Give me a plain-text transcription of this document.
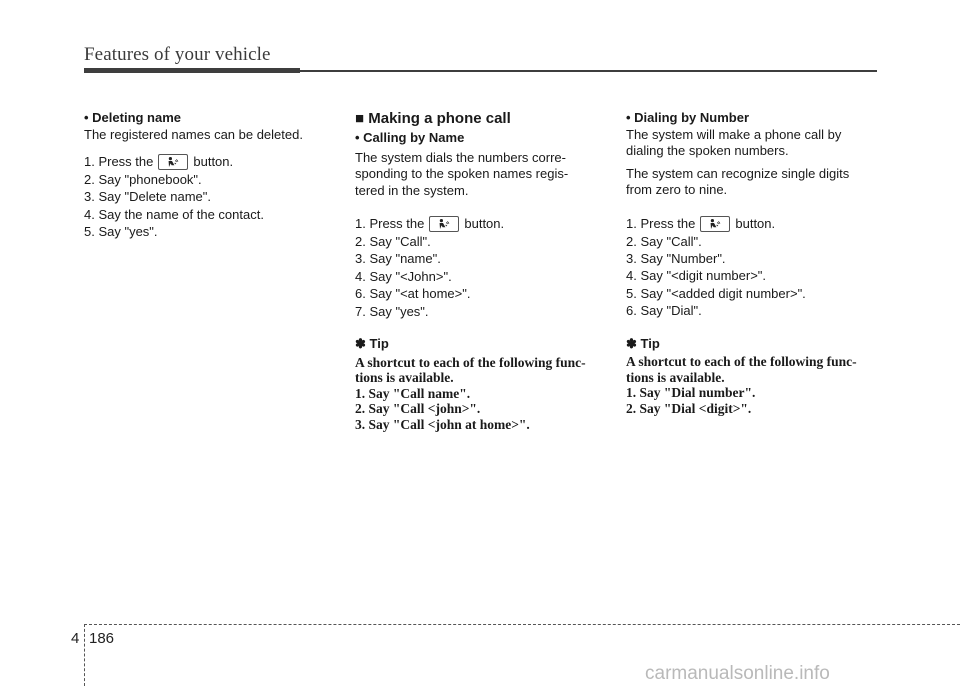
Features of your vehicle

• Deleting name

The registered names can be deleted.

1. Press the	button.

2. Say "phonebook".

3. Say "Delete name".

4. Say the name of the contact.

5. Say "yes".

■ Making a phone call

• Calling by Name

The system dials the numbers corre-
sponding to the spoken names regis-
tered in the system.

1. Press the	button.

2. Say "Call".

3. Say "name".

4. Say "<John>".

6. Say "<at home>".

7. Say "yes".

✽ Tip

A shortcut to each of the following func-
tions is available.
1. Say "Call name".
2. Say "Call <john>".
3. Say "Call <john at home>".

• Dialing by Number

The system will make a phone call by dialing the spoken numbers.

The system can recognize single digits from zero to nine.

1. Press the	button.

2. Say "Call".

3. Say "Number".

4. Say "<digit number>".

5. Say "<added digit number>".

6. Say "Dial".

✽ Tip

A shortcut to each of the following func-
tions is available.
1. Say "Dial number".
2. Say "Dial <digit>".
4 186
carmanualsonline.info
